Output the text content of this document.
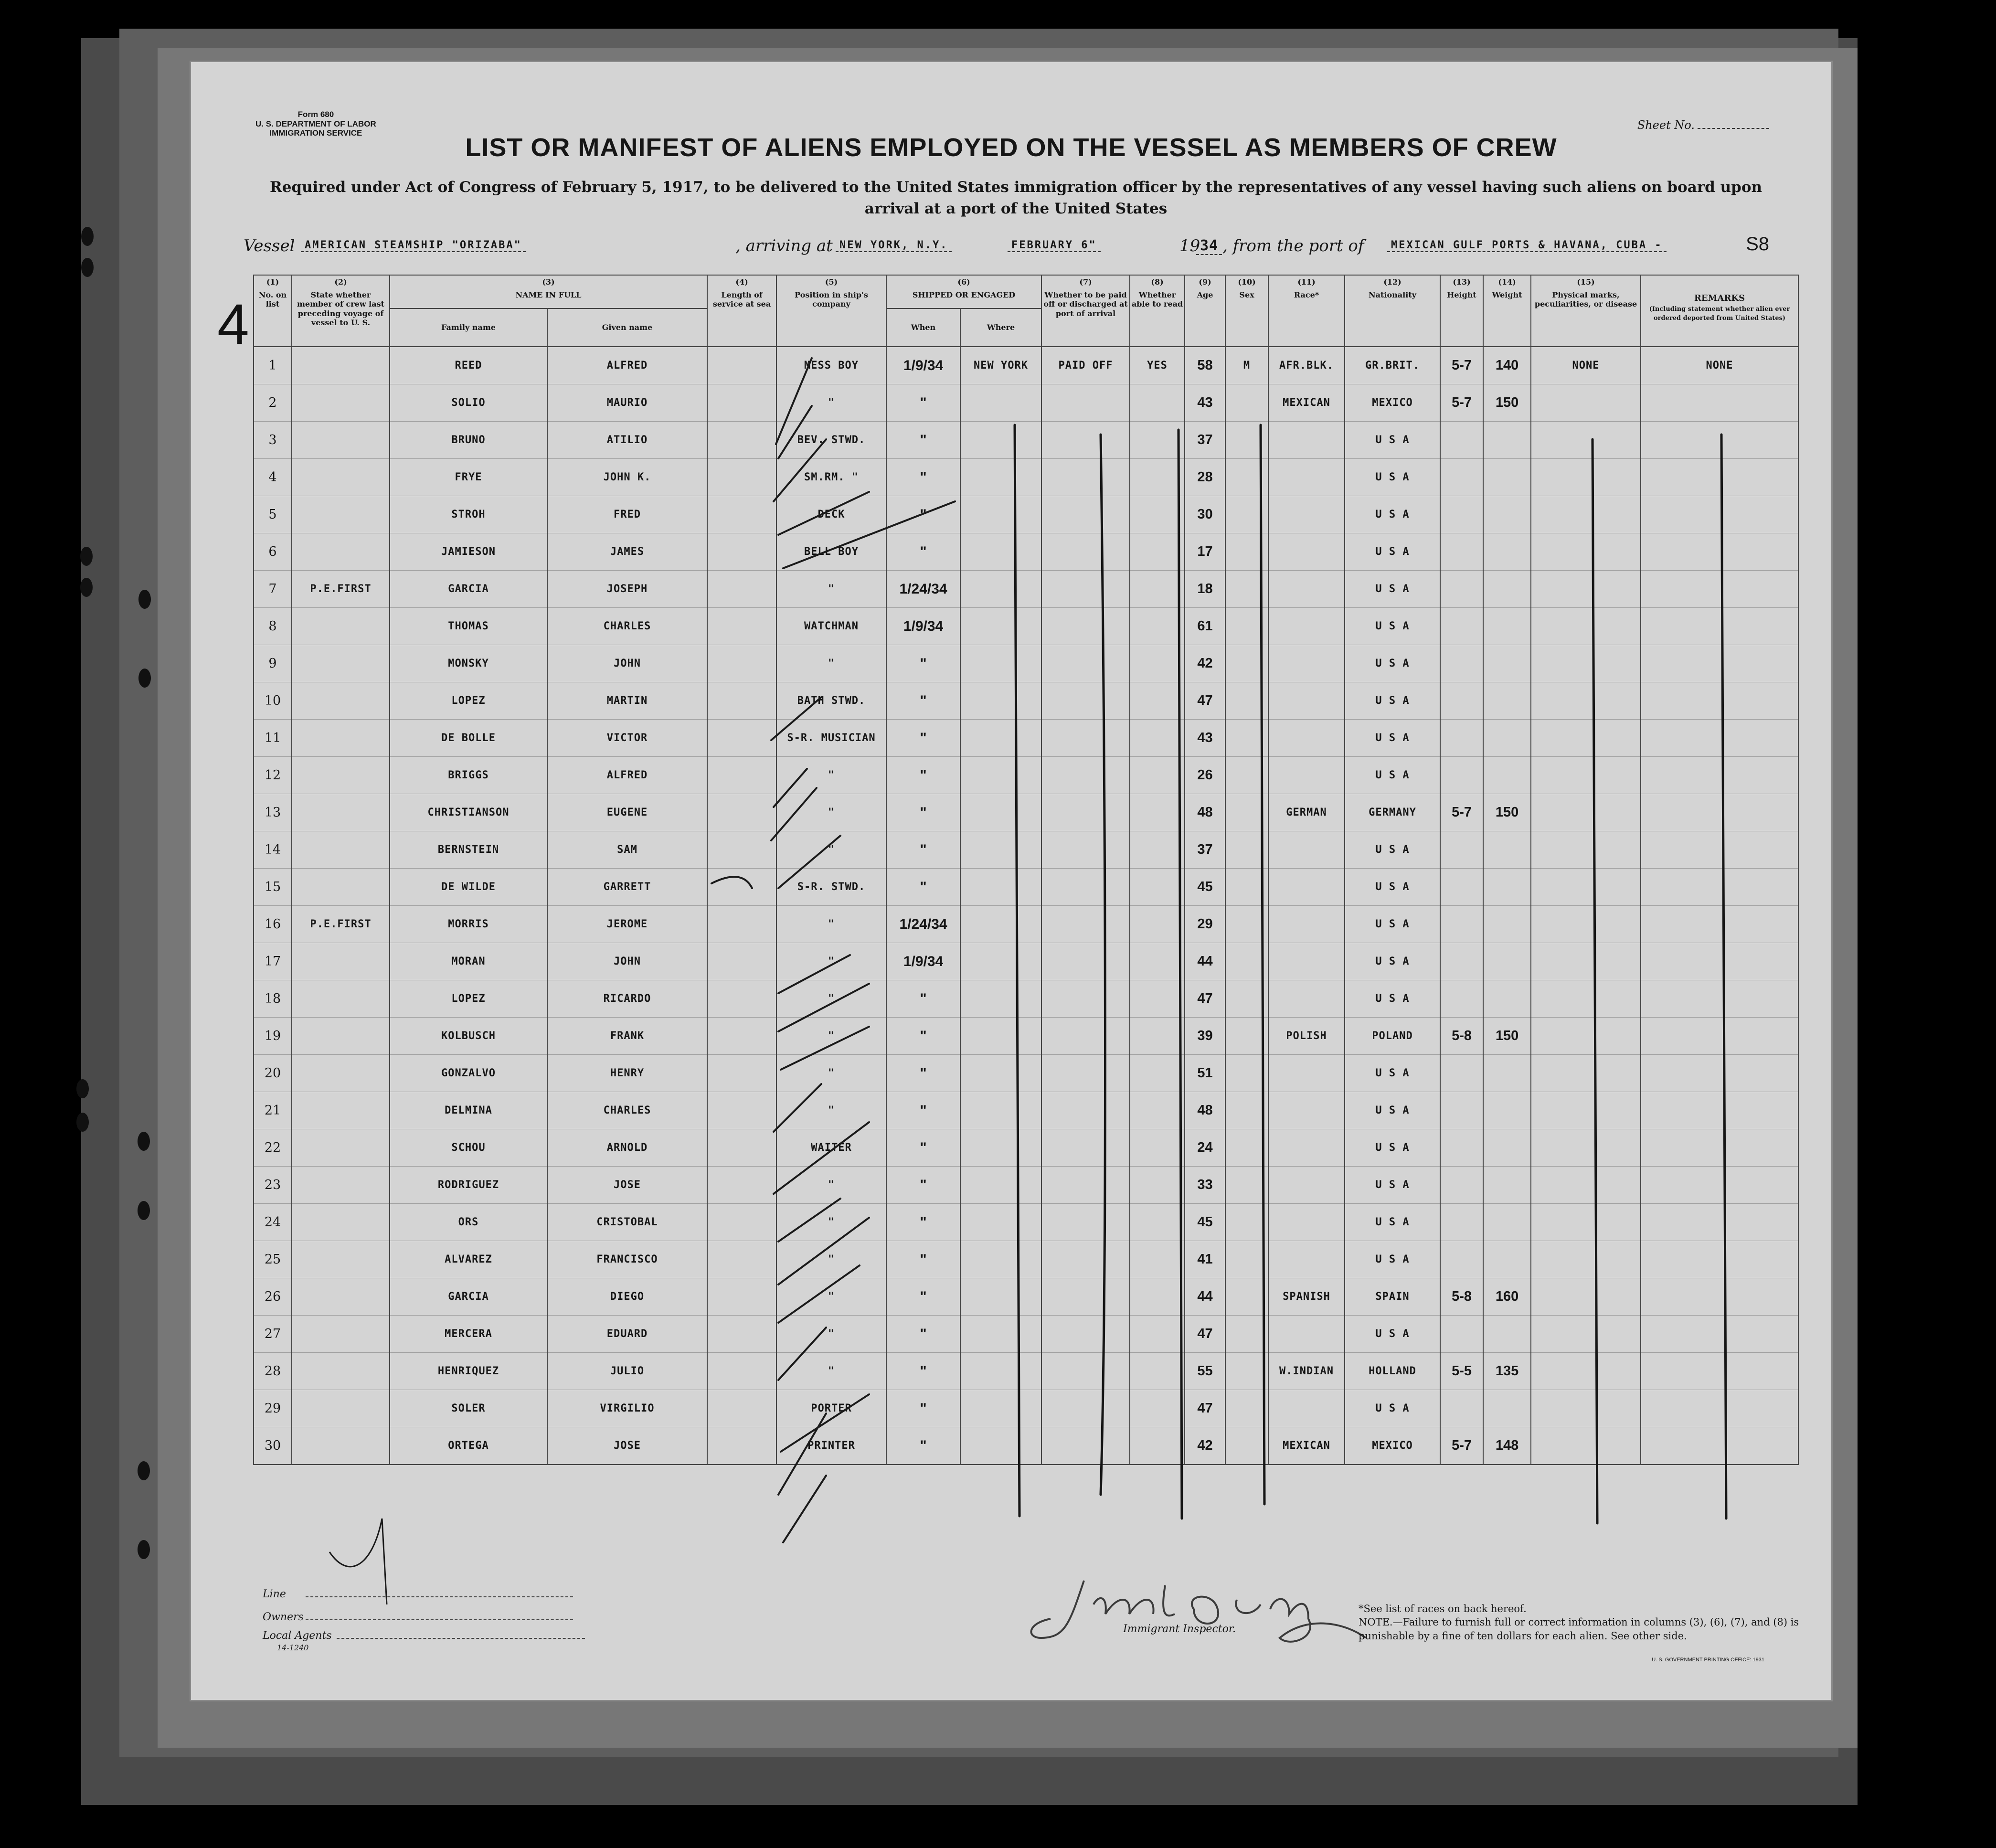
Form 680
U. S. DEPARTMENT OF LABOR
IMMIGRATION SERVICE
Sheet No.
LIST OR MANIFEST OF ALIENS EMPLOYED ON THE VESSEL AS MEMBERS OF CREW
Required under Act of Congress of February 5, 1917, to be delivered to the United States immigration officer by the representatives of any vessel having such aliens on board upon arrival at a port of the United States
Vessel AMERICAN STEAMSHIP "ORIZABA"	, arriving at NEW YORK, N.Y.	FEBRUARY 6"	19 34 , from the port of	MEXICAN GULF PORTS & HAVANA, CUBA -	S8
(1)
No. on list	(2)
State whether member of crew last preceding voyage of vessel to U. S.	(3)
NAME IN FULL		(4)
Length of service at sea	(5)
Position in ship's company	(6)
SHIPPED OR ENGAGED		(7)
Whether to be paid off or discharged at port of arrival	(8)
Whether able to read	(9)
Age	(10)
Sex	(11)
Race*	(12)
Nationality	(13)
Height	(14)
Weight	(15)
Physical marks, peculiarities, or disease	REMARKS
(Including statement whether alien ever ordered deported from United States)
		Family name	Given name			When	Where										
1		REED	ALFRED		MESS BOY	1/9/34	NEW YORK	PAID OFF	YES	58	M	AFR.BLK.	GR.BRIT.	5-7	140	NONE	NONE
2		SOLIO	MAURIO		"	"				43		MEXICAN	MEXICO	5-7	150		
3		BRUNO	ATILIO		BEV. STWD.	"				37			U S A				
4		FRYE	JOHN K.		SM.RM. "	"				28			U S A				
5		STROH	FRED		DECK	"				30			U S A				
6		JAMIESON	JAMES		BELL BOY	"				17			U S A				
7	P.E.FIRST	GARCIA	JOSEPH		"	1/24/34				18			U S A				
8		THOMAS	CHARLES		WATCHMAN	1/9/34				61			U S A				
9		MONSKY	JOHN		"	"				42			U S A				
10		LOPEZ	MARTIN		BATH STWD.	"				47			U S A				
11		DE BOLLE	VICTOR		S-R. MUSICIAN	"				43			U S A				
12		BRIGGS	ALFRED		"	"				26			U S A				
13		CHRISTIANSON	EUGENE		"	"				48		GERMAN	GERMANY	5-7	150		
14		BERNSTEIN	SAM		"	"				37			U S A				
15		DE WILDE	GARRETT		S-R. STWD.	"				45			U S A				
16	P.E.FIRST	MORRIS	JEROME		"	1/24/34				29			U S A				
17		MORAN	JOHN		"	1/9/34				44			U S A				
18		LOPEZ	RICARDO		"	"				47			U S A				
19		KOLBUSCH	FRANK		"	"				39		POLISH	POLAND	5-8	150		
20		GONZALVO	HENRY		"	"				51			U S A				
21		DELMINA	CHARLES		"	"				48			U S A				
22		SCHOU	ARNOLD		WAITER	"				24			U S A				
23		RODRIGUEZ	JOSE		"	"				33			U S A				
24		ORS	CRISTOBAL		"	"				45			U S A				
25		ALVAREZ	FRANCISCO		"	"				41			U S A				
26		GARCIA	DIEGO		"	"				44		SPANISH	SPAIN	5-8	160		
27		MERCERA	EDUARD		"	"				47			U S A				
28		HENRIQUEZ	JULIO		"	"				55		W.INDIAN	HOLLAND	5-5	135		
29		SOLER	VIRGILIO		PORTER	"				47			U S A				
30		ORTEGA	JOSE		PRINTER	"				42		MEXICAN	MEXICO	5-7	148		
4
Line
Owners
Local Agents
14-1240
Immigrant Inspector.
*See list of races on back hereof.
NOTE.—Failure to furnish full or correct information in columns (3), (6), (7), and (8) is punishable by a fine of ten dollars for each alien. See other side.
U. S. GOVERNMENT PRINTING OFFICE: 1931
